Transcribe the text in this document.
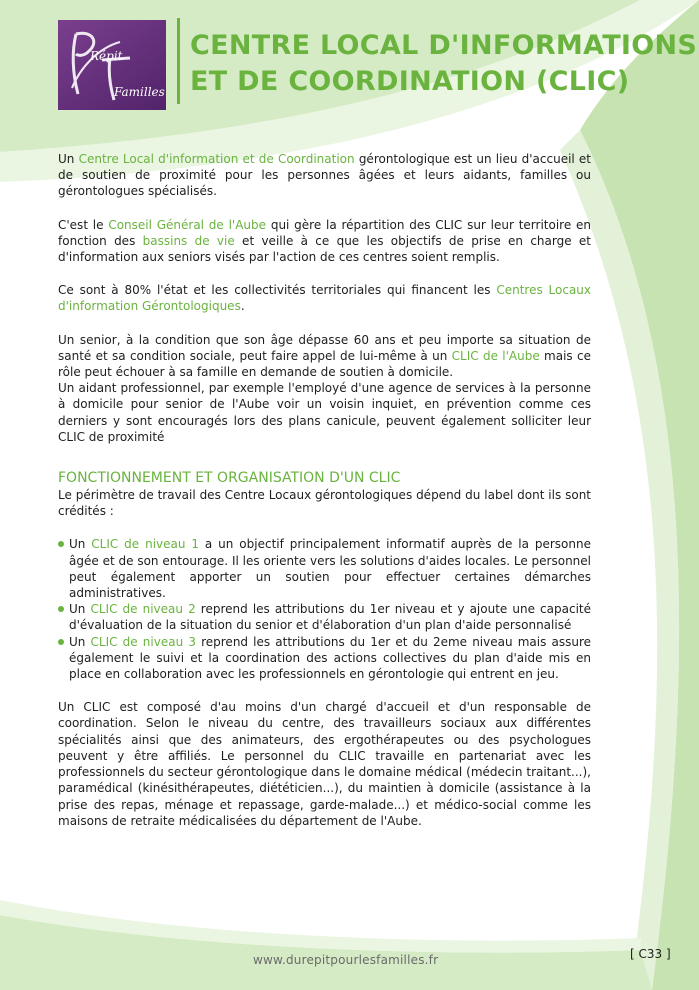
Répit
Familles
CENTRE LOCAL D'INFORMATIONS
ET DE COORDINATION (CLIC)

Un Centre Local d'information et de Coordination gérontologique est un lieu d'accueil et de soutien de proximité pour les personnes âgées et leurs aidants, familles ou gérontologues spécialisés.

C'est le Conseil Général de l'Aube qui gère la répartition des CLIC sur leur territoire en fonction des bassins de vie et veille à ce que les objectifs de prise en charge et d'information aux seniors visés par l'action de ces centres soient remplis.

Ce sont à 80% l'état et les collectivités territoriales qui financent les Centres Locaux d'information Gérontologiques.

Un senior, à la condition que son âge dépasse 60 ans et peu importe sa situation de santé et sa condition sociale, peut faire appel de lui-même à un CLIC de l'Aube mais ce rôle peut échouer à sa famille en demande de soutien à domicile.

Un aidant professionnel, par exemple l'employé d'une agence de services à la personne à domicile pour senior de l'Aube voir un voisin inquiet, en prévention comme ces derniers y sont encouragés lors des plans canicule, peuvent également solliciter leur CLIC de proximité

FONCTIONNEMENT ET ORGANISATION D'UN CLIC

Le périmètre de travail des Centre Locaux gérontologiques dépend du label dont ils sont crédités :

Un CLIC de niveau 1 a un objectif principalement informatif auprès de la personne âgée et de son entourage. Il les oriente vers les solutions d'aides locales. Le personnel peut également apporter un soutien pour effectuer certaines démarches administratives.
Un CLIC de niveau 2 reprend les attributions du 1er niveau et y ajoute une capacité d'évaluation de la situation du senior et d'élaboration d'un plan d'aide personnalisé
Un CLIC de niveau 3 reprend les attributions du 1er et du 2eme niveau mais assure également le suivi et la coordination des actions collectives du plan d'aide mis en place en collaboration avec les professionnels en gérontologie qui entrent en jeu.

Un CLIC est composé d'au moins d'un chargé d'accueil et d'un responsable de coordination. Selon le niveau du centre, des travailleurs sociaux aux différentes spécialités ainsi que des animateurs, des ergothérapeutes ou des psychologues peuvent y être affiliés. Le personnel du CLIC travaille en partenariat avec les professionnels du secteur gérontologique dans le domaine médical (médecin traitant...), paramédical (kinésithérapeutes, diététicien...), du maintien à domicile (assistance à la prise des repas, ménage et repassage, garde-malade...) et médico-social comme les maisons de retraite médicalisées du département de l'Aube.

www.durepitpourlesfamilles.fr	[ C33 ]
